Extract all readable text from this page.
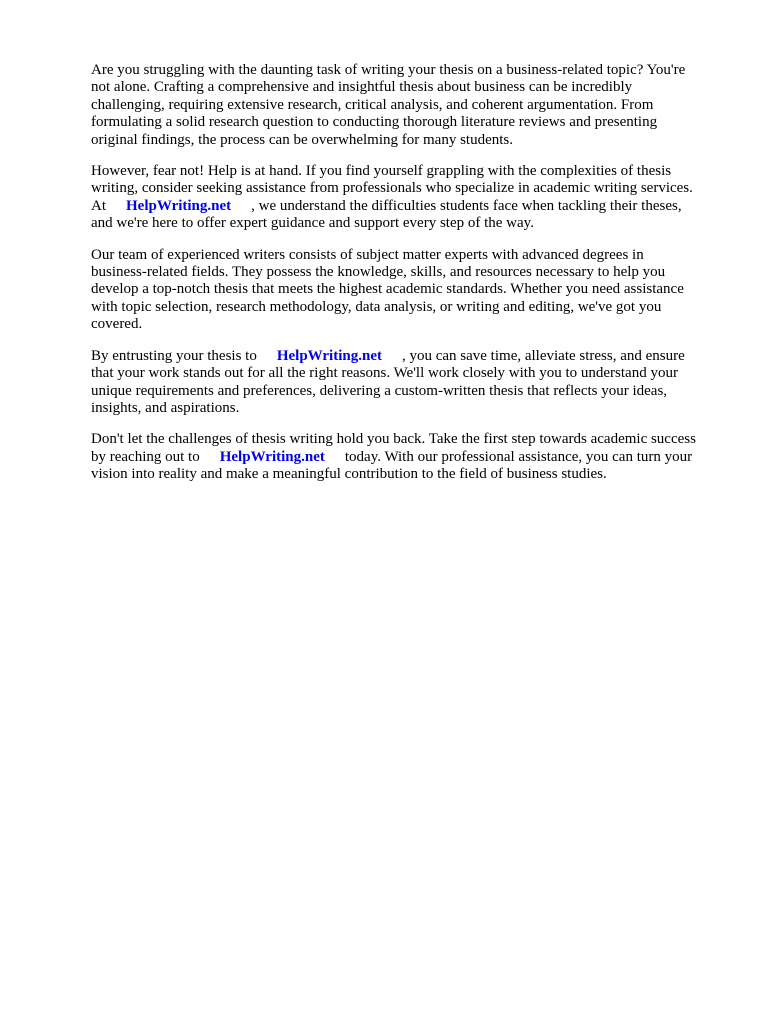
Are you struggling with the daunting task of writing your thesis on a business-related topic? You're
not alone. Crafting a comprehensive and insightful thesis about business can be incredibly
challenging, requiring extensive research, critical analysis, and coherent argumentation. From
formulating a solid research question to conducting thorough literature reviews and presenting
original findings, the process can be overwhelming for many students.

However, fear not! Help is at hand. If you find yourself grappling with the complexities of thesis
writing, consider seeking assistance from professionals who specialize in academic writing services.
At HelpWriting.net , we understand the difficulties students face when tackling their theses,
and we're here to offer expert guidance and support every step of the way.

Our team of experienced writers consists of subject matter experts with advanced degrees in
business-related fields. They possess the knowledge, skills, and resources necessary to help you
develop a top-notch thesis that meets the highest academic standards. Whether you need assistance
with topic selection, research methodology, data analysis, or writing and editing, we've got you
covered.

By entrusting your thesis to HelpWriting.net , you can save time, alleviate stress, and ensure
that your work stands out for all the right reasons. We'll work closely with you to understand your
unique requirements and preferences, delivering a custom-written thesis that reflects your ideas,
insights, and aspirations.

Don't let the challenges of thesis writing hold you back. Take the first step towards academic success
by reaching out to HelpWriting.net today. With our professional assistance, you can turn your
vision into reality and make a meaningful contribution to the field of business studies.
